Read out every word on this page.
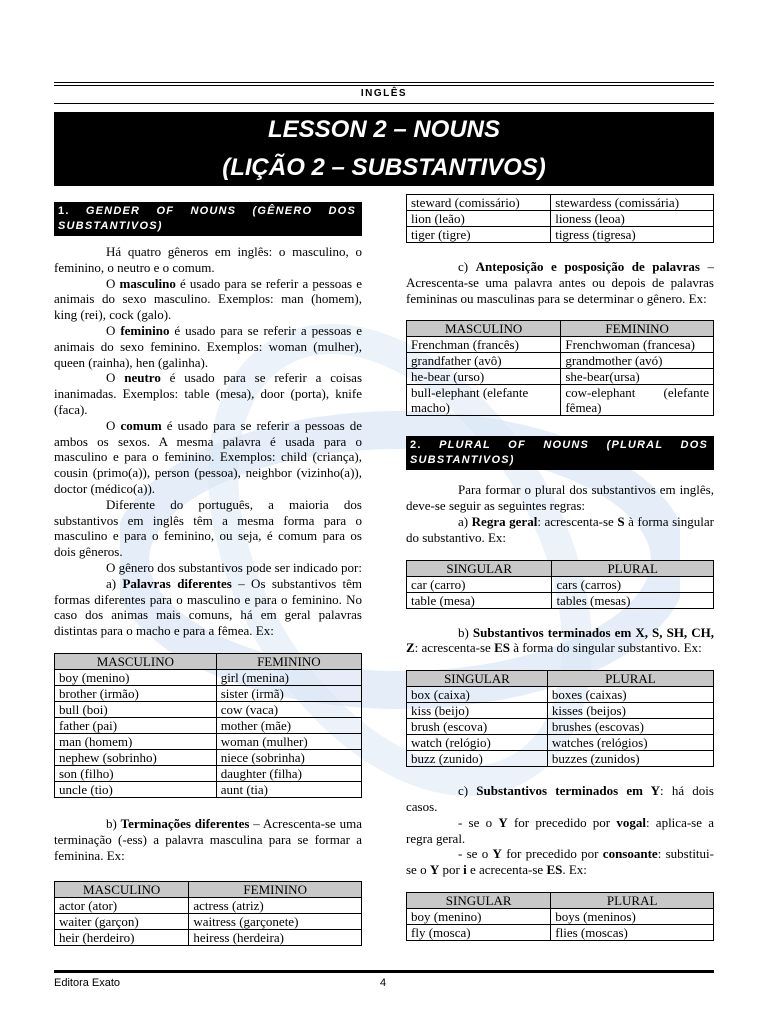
INGLÊS
LESSON 2 – NOUNS
(LIÇÃO 2 – SUBSTANTIVOS)
1. GENDER OF NOUNS (GÊNERO DOS SUBSTANTIVOS)

Há quatro gêneros em inglês: o masculino, o feminino, o neutro e o comum.

O masculino é usado para se referir a pessoas e animais do sexo masculino. Exemplos: man (homem), king (rei), cock (galo).

O feminino é usado para se referir a pessoas e animais do sexo feminino. Exemplos: woman (mulher), queen (rainha), hen (galinha).

O neutro é usado para se referir a coisas inanimadas. Exemplos: table (mesa), door (porta), knife (faca).

O comum é usado para se referir a pessoas de ambos os sexos. A mesma palavra é usada para o masculino e para o feminino. Exemplos: child (criança), cousin (primo(a)), person (pessoa), neighbor (vizinho(a)), doctor (médico(a)).

Diferente do português, a maioria dos substantivos em inglês têm a mesma forma para o masculino e para o feminino, ou seja, é comum para os dois gêneros.

O gênero dos substantivos pode ser indicado por:

a) Palavras diferentes – Os substantivos têm formas diferentes para o masculino e para o feminino. No caso dos animas mais comuns, há em geral palavras distintas para o macho e para a fêmea. Ex:

MASCULINO	FEMININO
boy (menino)	girl (menina)
brother (irmão)	sister (irmã)
bull (boi)	cow (vaca)
father (pai)	mother (mãe)
man (homem)	woman (mulher)
nephew (sobrinho)	niece (sobrinha)
son (filho)	daughter (filha)
uncle (tio)	aunt (tia)

b) Terminações diferentes – Acrescenta-se uma terminação (-ess) a palavra masculina para se formar a feminina. Ex:

MASCULINO	FEMININO
actor (ator)	actress (atriz)
waiter (garçon)	waitress (garçonete)
heir (herdeiro)	heiress (herdeira)
steward (comissário)	stewardess (comissária)
lion (leão)	lioness (leoa)
tiger (tigre)	tigress (tigresa)

c) Anteposição e posposição de palavras – Acrescenta-se uma palavra antes ou depois de palavras femininas ou masculinas para se determinar o gênero. Ex:

MASCULINO	FEMININO
Frenchman (francês)	Frenchwoman (francesa)
grandfather (avô)	grandmother (avó)
he-bear (urso)	she-bear(ursa)
bull-elephant (elefante macho)	cow-elephant (elefante fêmea)
2. PLURAL OF NOUNS (PLURAL DOS SUBSTANTIVOS)

Para formar o plural dos substantivos em inglês, deve-se seguir as seguintes regras:

a) Regra geral: acrescenta-se S à forma singular do substantivo. Ex:

SINGULAR	PLURAL
car (carro)	cars (carros)
table (mesa)	tables (mesas)

b) Substantivos terminados em X, S, SH, CH, Z: acrescenta-se ES à forma do singular substantivo. Ex:

SINGULAR	PLURAL
box (caixa)	boxes (caixas)
kiss (beijo)	kisses (beijos)
brush (escova)	brushes (escovas)
watch (relógio)	watches (relógios)
buzz (zunido)	buzzes (zunidos)

c) Substantivos terminados em Y: há dois casos.

- se o Y for precedido por vogal: aplica-se a regra geral.

- se o Y for precedido por consoante: substitui-se o Y por i e acrecenta-se ES. Ex:

SINGULAR	PLURAL
boy (menino)	boys (meninos)
fly (mosca)	flies (moscas)
Editora Exato	4
